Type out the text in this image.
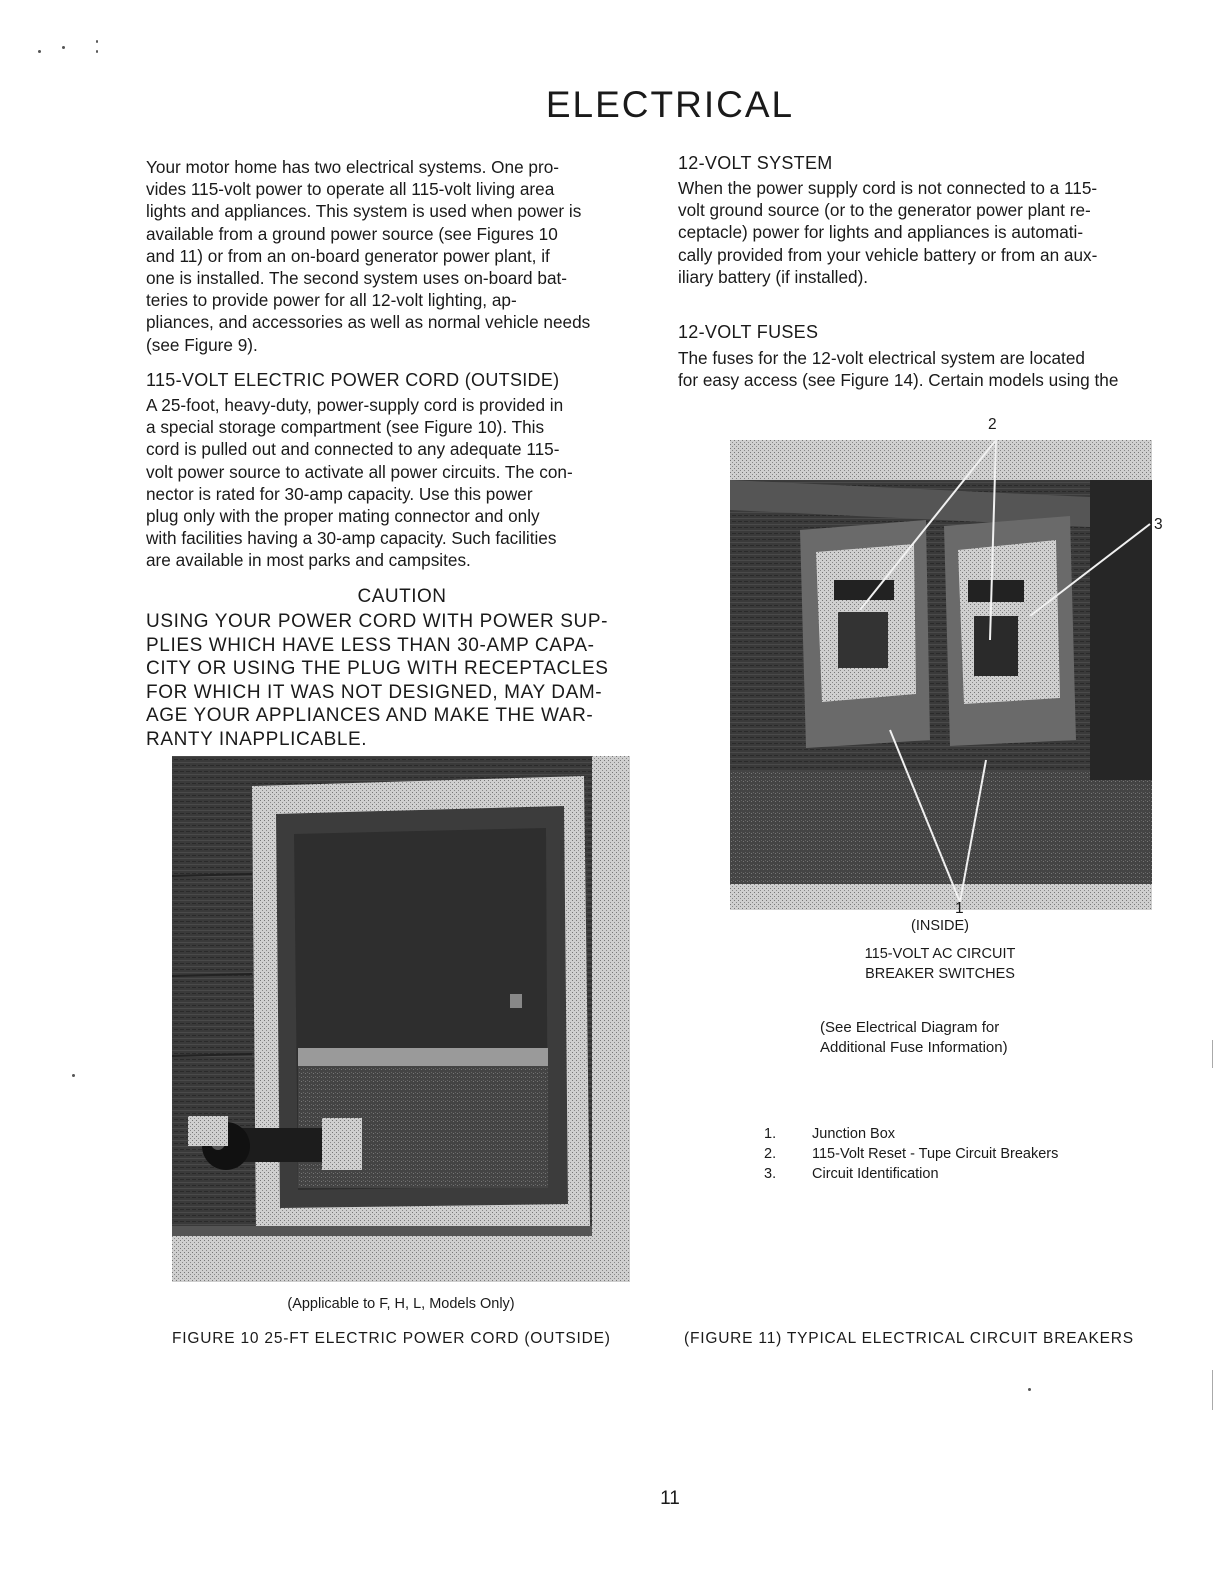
ELECTRICAL
Your motor home has two electrical systems. One pro-
vides 115-volt power to operate all 115-volt living area
lights and appliances. This system is used when power is
available from a ground power source (see Figures 10
and 11) or from an on-board generator power plant, if
one is installed. The second system uses on-board bat-
teries to provide power for all 12-volt lighting, ap-
pliances, and accessories as well as normal vehicle needs
(see Figure 9).
115-VOLT ELECTRIC POWER CORD (OUTSIDE)
A 25-foot, heavy-duty, power-supply cord is provided in
a special storage compartment (see Figure 10). This
cord is pulled out and connected to any adequate 115-
volt power source to activate all power circuits. The con-
nector is rated for 30-amp capacity. Use this power
plug only with the proper mating connector and only
with facilities having a 30-amp capacity. Such facilities
are available in most parks and campsites.
CAUTION
USING YOUR POWER CORD WITH POWER SUP-
PLIES WHICH HAVE LESS THAN 30-AMP CAPA-
CITY OR USING THE PLUG WITH RECEPTACLES
FOR WHICH IT WAS NOT DESIGNED, MAY DAM-
AGE YOUR APPLIANCES AND MAKE THE WAR-
RANTY INAPPLICABLE.
(Applicable to F, H, L, Models Only)
FIGURE 10 25-FT ELECTRIC POWER CORD (OUTSIDE)
12-VOLT SYSTEM
When the power supply cord is not connected to a 115-
volt ground source (or to the generator power plant re-
ceptacle) power for lights and appliances is automati-
cally provided from your vehicle battery or from an aux-
iliary battery (if installed).
12-VOLT FUSES
The fuses for the 12-volt electrical system are located
for easy access (see Figure 14). Certain models using the
2
3
1
(INSIDE)
115-VOLT AC CIRCUIT
BREAKER SWITCHES
(See Electrical Diagram for
Additional Fuse Information)
1.	Junction Box
2.	115-Volt Reset - Tupe Circuit Breakers
3.	Circuit Identification
(FIGURE 11) TYPICAL ELECTRICAL CIRCUIT BREAKERS
11
